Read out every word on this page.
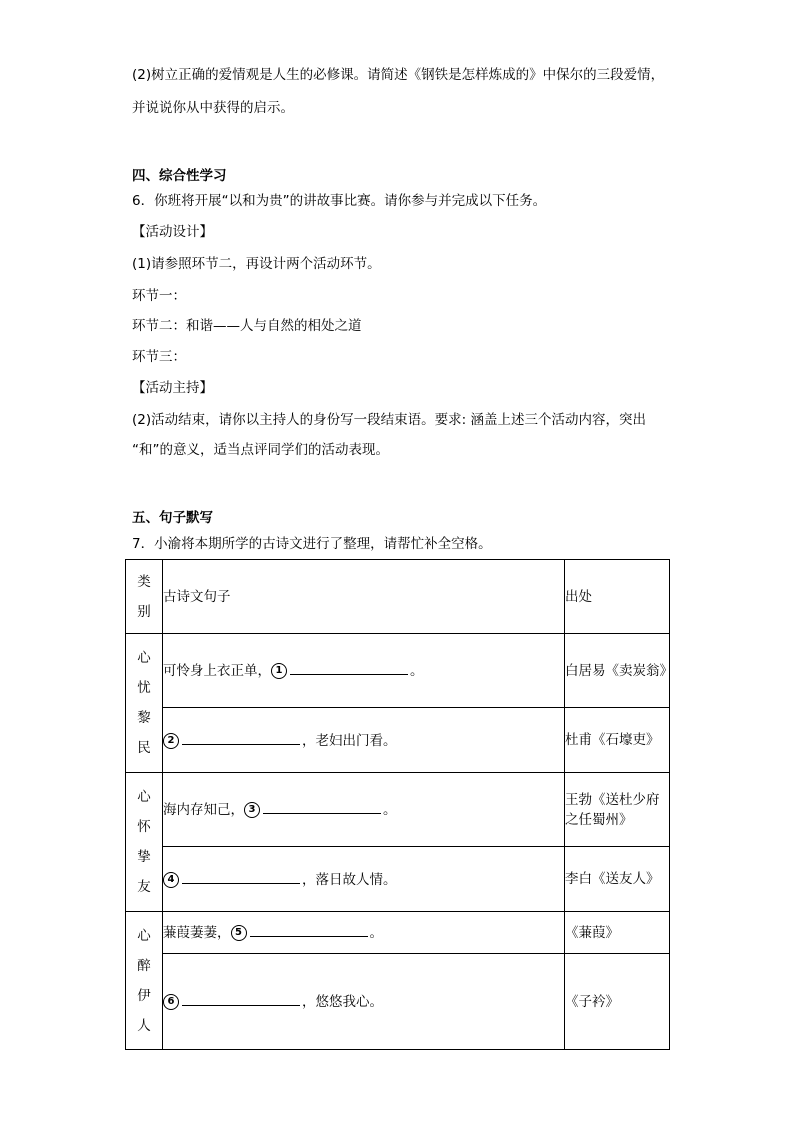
(2)树立正确的爱情观是人生的必修课。请简述《钢铁是怎样炼成的》中保尔的三段爱情，
并说说你从中获得的启示。
四、综合性学习
6．你班将开展“以和为贵”的讲故事比赛。请你参与并完成以下任务。
【活动设计】
(1)请参照环节二，再设计两个活动环节。
环节一：
环节二：和谐——人与自然的相处之道
环节三：
【活动主持】
(2)活动结束，请你以主持人的身份写一段结束语。要求: 涵盖上述三个活动内容，突出
“和”的意义，适当点评同学们的活动表现。
五、句子默写
7．小渝将本期所学的古诗文进行了整理，请帮忙补全空格。
类
别	古诗文句子	出处

心
忧
黎
民	可怜身上衣正单， 1 。	白居易《卖炭翁》
	2 ，老妇出门看。	杜甫《石壕吏》

心
怀
挚
友	海内存知己， 3 。	王勃《送杜少府之任蜀州》
	4 ，落日故人情。	李白《送友人》

心
醉
伊
人	蒹葭萋萋， 5 。	《蒹葭》
	6 ，悠悠我心。	《子衿》
